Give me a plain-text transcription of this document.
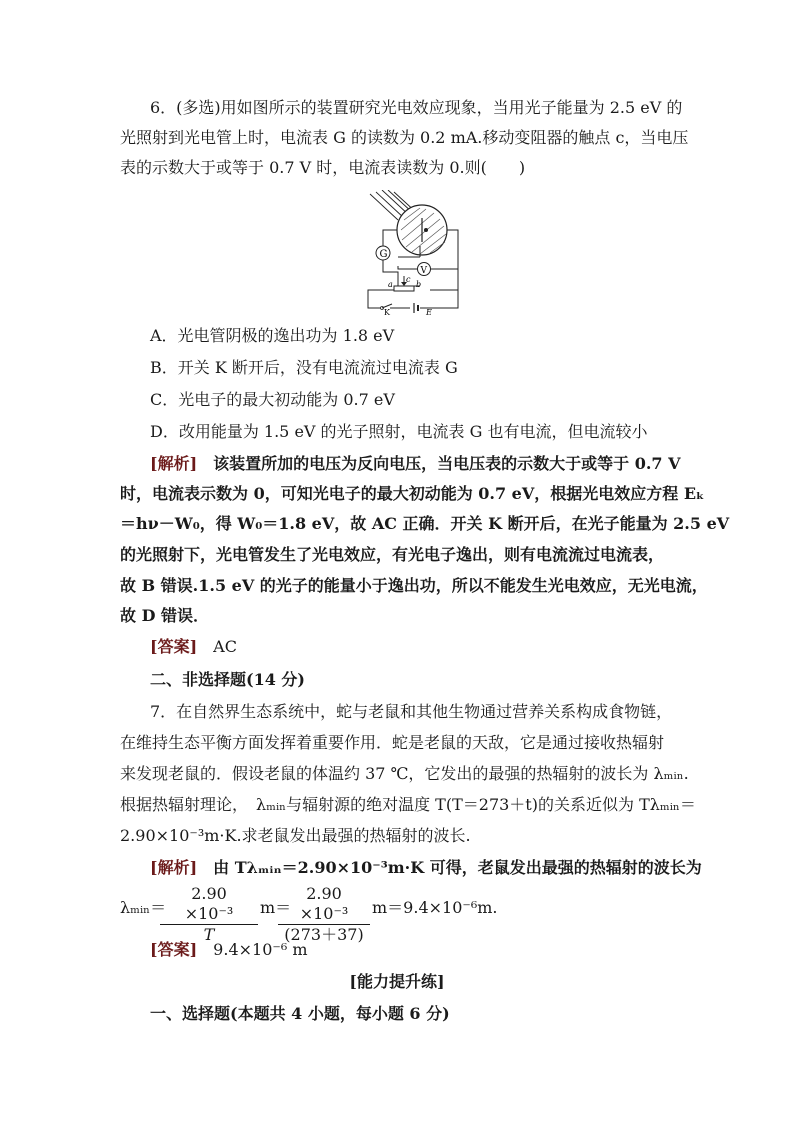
6．(多选)用如图所示的装置研究光电效应现象，当用光子能量为 2.5 eV 的
光照射到光电管上时，电流表 G 的读数为 0.2 mA.移动变阻器的触点 c，当电压
表的示数大于或等于 0.7 V 时，电流表读数为 0.则(　　)
G
V
a
c
b
K	E
A．光电管阴极的逸出功为 1.8 eV
B．开关 K 断开后，没有电流流过电流表 G
C．光电子的最大初动能为 0.7 eV
D．改用能量为 1.5 eV 的光子照射，电流表 G 也有电流，但电流较小
[解析]　该装置所加的电压为反向电压，当电压表的示数大于或等于 0.7 V
时，电流表示数为 0，可知光电子的最大初动能为 0.7 eV，根据光电效应方程 Eₖ
＝hν－W₀，得 W₀＝1.8 eV，故 AC 正确．开关 K 断开后，在光子能量为 2.5 eV
的光照射下，光电管发生了光电效应，有光电子逸出，则有电流流过电流表，
故 B 错误.1.5 eV 的光子的能量小于逸出功，所以不能发生光电效应，无光电流，
故 D 错误．
[答案]　 AC
二、非选择题(14 分)
7．在自然界生态系统中，蛇与老鼠和其他生物通过营养关系构成食物链，
在维持生态平衡方面发挥着重要作用．蛇是老鼠的天敌，它是通过接收热辐射
来发现老鼠的．假设老鼠的体温约 37 ℃，它发出的最强的热辐射的波长为 λₘᵢₙ.
根据热辐射理论，　λₘᵢₙ与辐射源的绝对温度 T(T＝273＋t)的关系近似为 Tλₘᵢₙ＝
2.90×10⁻³m·K.求老鼠发出最强的热辐射的波长.
[解析]　由 Tλₘᵢₙ＝2.90×10⁻³m·K 可得，老鼠发出最强的热辐射的波长为
λₘᵢₙ＝
2.90　×10⁻³
T
m＝
2.90　×10⁻³
(273＋37)
m＝9.4×10⁻⁶m.
[答案]　 9.4×10⁻⁶ m
[能力提升练]
一、选择题(本题共 4 小题，每小题 6 分)
